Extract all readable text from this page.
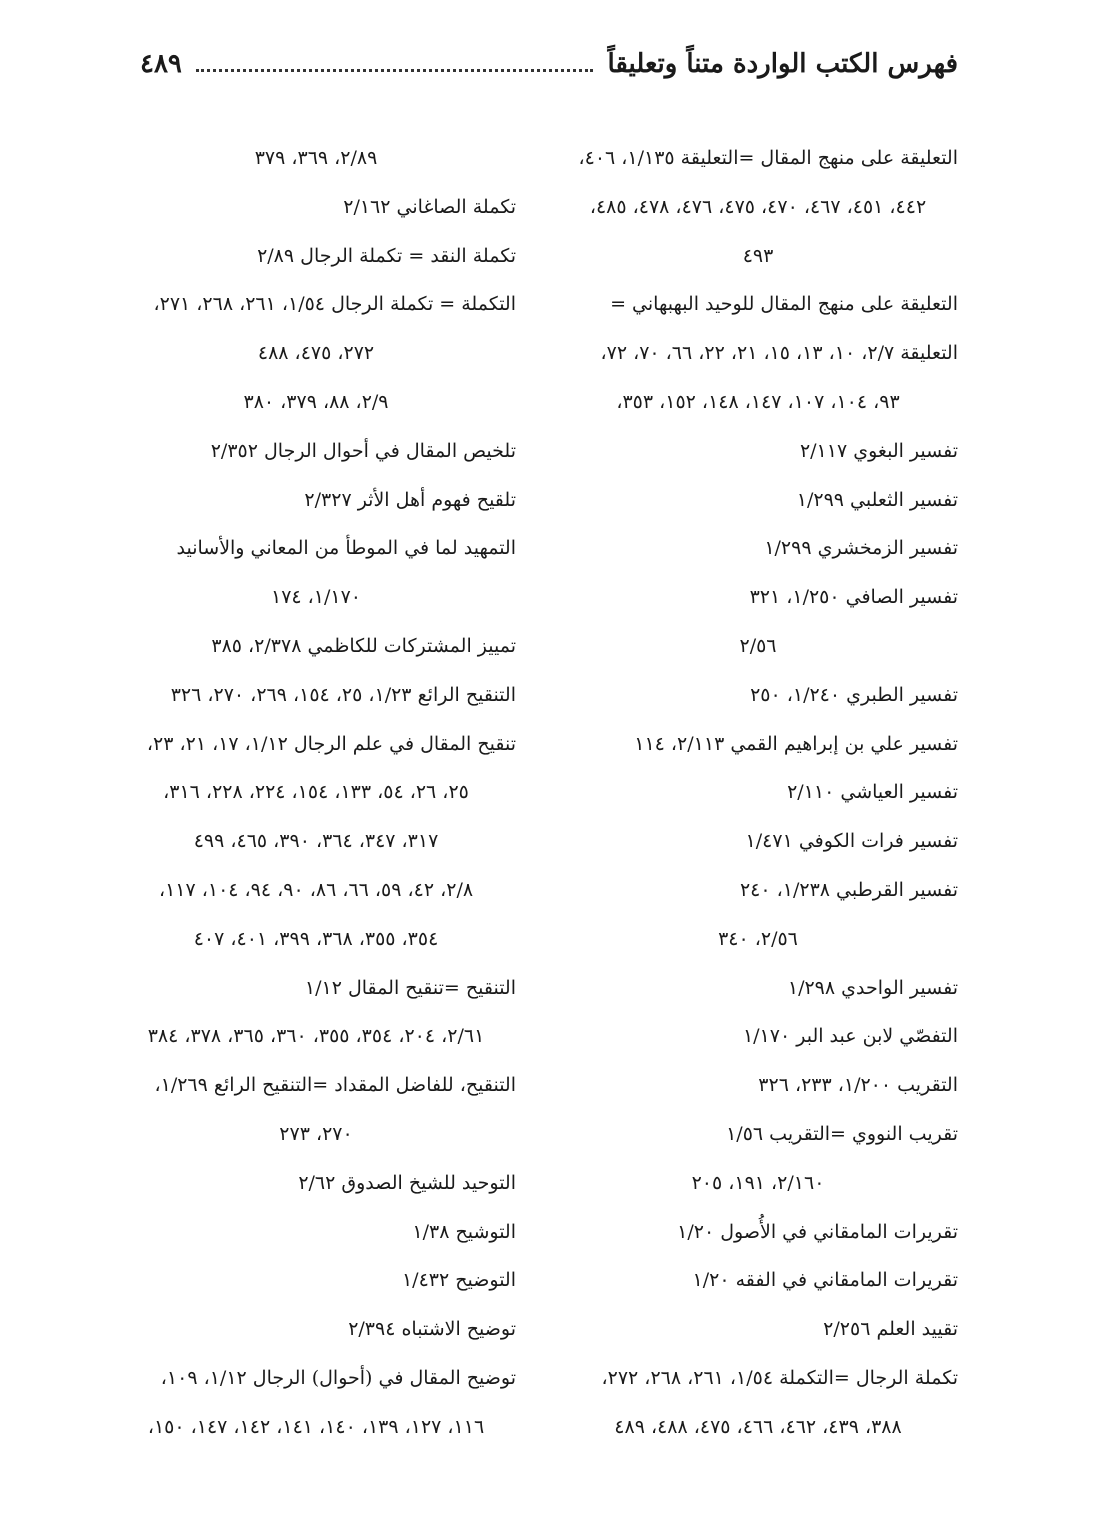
فهرس الكتب الواردة متناً وتعليقاً
٤٨٩
التعليقة على منهج المقال =التعليقة ١/١٣٥، ٤٠٦،
٤٤٢، ٤٥١، ٤٦٧، ٤٧٠، ٤٧٥، ٤٧٦، ٤٧٨، ٤٨٥،
٤٩٣
التعليقة على منهج المقال للوحيد البهبهاني =
التعليقة ٢/٧، ١٠، ١٣، ١٥، ٢١، ٢٢، ٦٦، ٧٠، ٧٢،
٩٣، ١٠٤، ١٠٧، ١٤٧، ١٤٨، ١٥٢، ٣٥٣،
تفسير البغوي ٢/١١٧
تفسير الثعلبي ١/٢٩٩
تفسير الزمخشري ١/٢٩٩
تفسير الصافي ١/٢٥٠، ٣٢١
٢/٥٦
تفسير الطبري ١/٢٤٠، ٢٥٠
تفسير علي بن إبراهيم القمي ٢/١١٣، ١١٤
تفسير العياشي ٢/١١٠
تفسير فرات الكوفي ١/٤٧١
تفسير القرطبي ١/٢٣٨، ٢٤٠
٢/٥٦، ٣٤٠
تفسير الواحدي ١/٢٩٨
التفصّي لابن عبد البر ١/١٧٠
التقريب ١/٢٠٠، ٢٣٣، ٣٢٦
تقريب النووي =التقريب ١/٥٦
٢/١٦٠، ١٩١، ٢٠٥
تقريرات المامقاني في الأُصول ١/٢٠
تقريرات المامقاني في الفقه ١/٢٠
تقييد العلم ٢/٢٥٦
تكملة الرجال =التكملة ١/٥٤، ٢٦١، ٢٦٨، ٢٧٢،
٣٨٨، ٤٣٩، ٤٦٢، ٤٦٦، ٤٧٥، ٤٨٨، ٤٨٩
٢/٨٩، ٣٦٩، ٣٧٩
تكملة الصاغاني ٢/١٦٢
تكملة النقد = تكملة الرجال ٢/٨٩
التكملة = تكملة الرجال ١/٥٤، ٢٦١، ٢٦٨، ٢٧١،
٢٧٢، ٤٧٥، ٤٨٨
٢/٩، ٨٨، ٣٧٩، ٣٨٠
تلخيص المقال في أحوال الرجال ٢/٣٥٢
تلقيح فهوم أهل الأثر ٢/٣٢٧
التمهيد لما في الموطأ من المعاني والأسانيد
١/١٧٠، ١٧٤
تمييز المشتركات للكاظمي ٢/٣٧٨، ٣٨٥
التنقيح الرائع ١/٢٣، ٢٥، ١٥٤، ٢٦٩، ٢٧٠، ٣٢٦
تنقيح المقال في علم الرجال ١/١٢، ١٧، ٢١، ٢٣،
٢٥، ٢٦، ٥٤، ١٣٣، ١٥٤، ٢٢٤، ٢٢٨، ٣١٦،
٣١٧، ٣٤٧، ٣٦٤، ٣٩٠، ٤٦٥، ٤٩٩
٢/٨، ٤٢، ٥٩، ٦٦، ٨٦، ٩٠، ٩٤، ١٠٤، ١١٧،
٣٥٤، ٣٥٥، ٣٦٨، ٣٩٩، ٤٠١، ٤٠٧
التنقيح =تنقيح المقال ١/١٢
٢/٦١، ٢٠٤، ٣٥٤، ٣٥٥، ٣٦٠، ٣٦٥، ٣٧٨، ٣٨٤
التنقيح، للفاضل المقداد =التنقيح الرائع ١/٢٦٩،
٢٧٠، ٢٧٣
التوحيد للشيخ الصدوق ٢/٦٢
التوشيح ١/٣٨
التوضيح ١/٤٣٢
توضيح الاشتباه ٢/٣٩٤
توضيح المقال في (أحوال) الرجال ١/١٢، ١٠٩،
١١٦، ١٢٧، ١٣٩، ١٤٠، ١٤١، ١٤٢، ١٤٧، ١٥٠،
